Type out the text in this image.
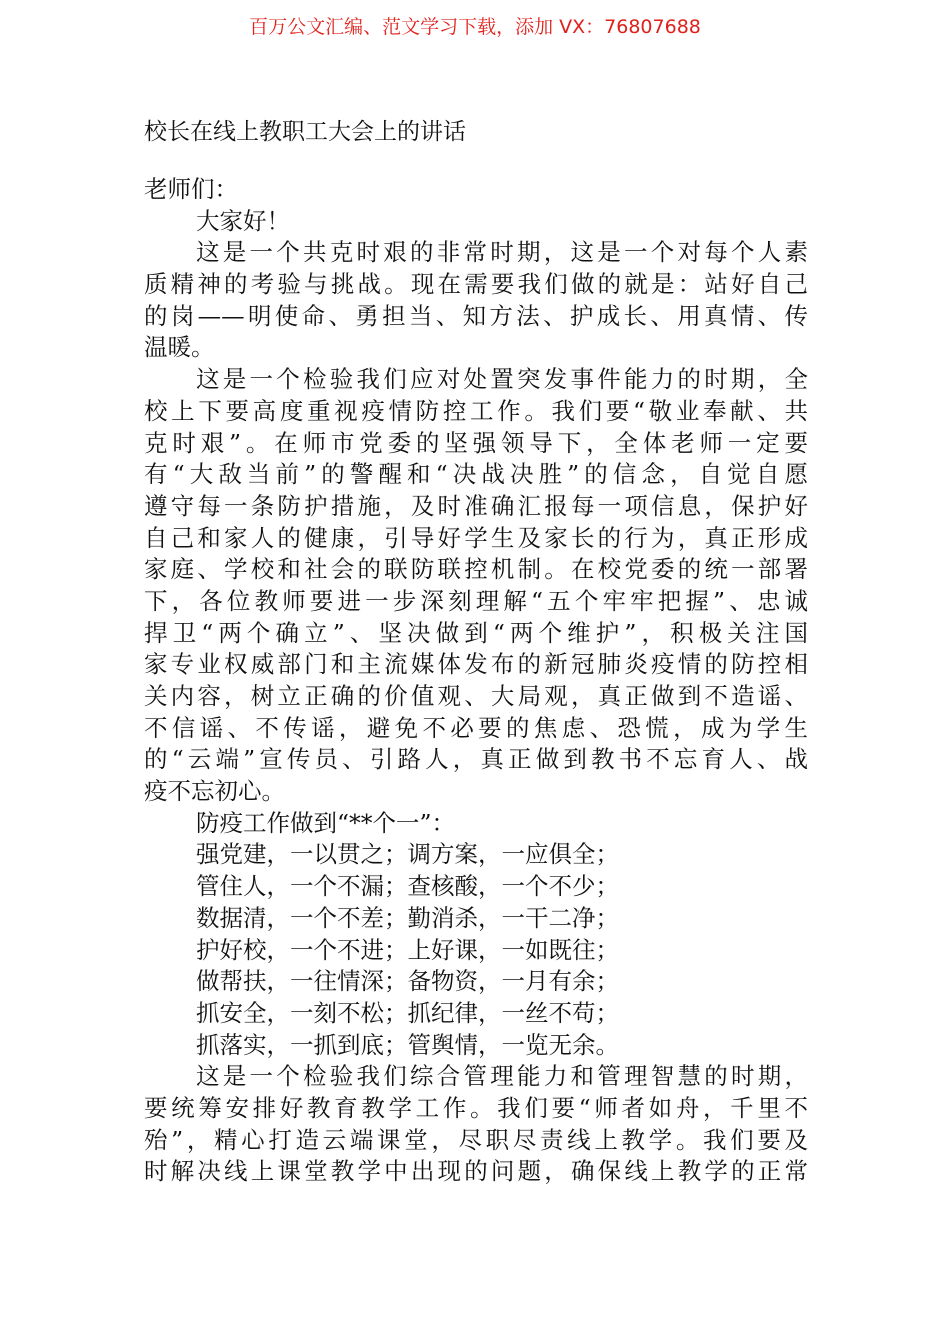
百万公文汇编、范文学习下载，添加 VX：76807688
校长在线上教职工大会上的讲话
老师们：
大家好！
这是一个共克时艰的非常时期，这是一个对每个人素
质精神的考验与挑战。现在需要我们做的就是：站好自己
的岗——明使命、勇担当、知方法、护成长、用真情、传
温暖。
这是一个检验我们应对处置突发事件能力的时期，全
校上下要高度重视疫情防控工作。我们要“敬业奉献、共
克时艰”。在师市党委的坚强领导下，全体老师一定要
有“大敌当前”的警醒和“决战决胜”的信念，自觉自愿
遵守每一条防护措施，及时准确汇报每一项信息，保护好
自己和家人的健康，引导好学生及家长的行为，真正形成
家庭、学校和社会的联防联控机制。在校党委的统一部署
下，各位教师要进一步深刻理解“五个牢牢把握”、忠诚
捍卫“两个确立”、坚决做到“两个维护”，积极关注国
家专业权威部门和主流媒体发布的新冠肺炎疫情的防控相
关内容，树立正确的价值观、大局观，真正做到不造谣、
不信谣、不传谣，避免不必要的焦虑、恐慌，成为学生
的“云端”宣传员、引路人，真正做到教书不忘育人、战
疫不忘初心。
防疫工作做到“**个一”：
强党建，一以贯之；调方案，一应俱全；
管住人，一个不漏；查核酸，一个不少；
数据清，一个不差；勤消杀，一干二净；
护好校，一个不进；上好课，一如既往；
做帮扶，一往情深；备物资，一月有余；
抓安全，一刻不松；抓纪律，一丝不苟；
抓落实，一抓到底；管舆情，一览无余。
这是一个检验我们综合管理能力和管理智慧的时期，
要统筹安排好教育教学工作。我们要“师者如舟，千里不
殆”，精心打造云端课堂，尽职尽责线上教学。我们要及
时解决线上课堂教学中出现的问题，确保线上教学的正常
